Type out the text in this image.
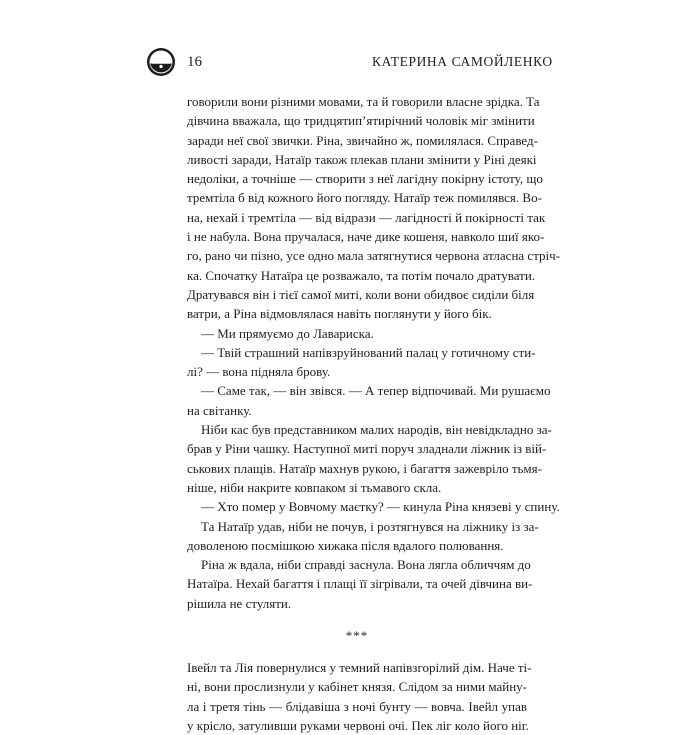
16	КАТЕРИНА САМОЙЛЕНКО
говорили вони різними мовами, та й говорили власне зрідка. Та
дівчина вважала, що тридцятип’ятирічний чоловік міг змінити
заради неї свої звички. Ріна, звичайно ж, помилялася. Справед-
ливості заради, Натаїр також плекав плани змінити у Ріні деякі
недоліки, а точніше — створити з неї лагідну покірну істоту, що
тремтіла б від кожного його погляду. Натаїр теж помилявся. Во-
на, нехай і тремтіла — від відрази — лагідності й покірності так
і не набула. Вона пручалася, наче дике кошеня, навколо шиї яко-
го, рано чи пізно, усе одно мала затягнутися червона атласна стріч-
ка. Спочатку Натаїра це розважало, та потім почало дратувати.
Дратувався він і тієї самої миті, коли вони обидвоє сиділи біля
ватри, а Ріна відмовлялася навіть поглянути у його бік.
— Ми прямуємо до Лавариска.
— Твій страшний напівзруйнований палац у готичному сти-
лі? — вона підняла брову.
— Саме так, — він звівся. — А тепер відпочивай. Ми рушаємо
на світанку.
Ніби кас був представником малих народів, він невідкладно за-
брав у Ріни чашку. Наступної миті поруч зладнали ліжник із вій-
ськових плащів. Натаїр махнув рукою, і багаття зажевріло тьмя-
ніше, ніби накрите ковпаком зі тьмавого скла.
— Хто помер у Вовчому маєтку? — кинула Ріна князеві у спину.
Та Натаїр удав, ніби не почув, і розтягнувся на ліжнику із за-
доволеною посмішкою хижака після вдалого полювання.
Ріна ж вдала, ніби справді заснула. Вона лягла обличчям до
Натаїра. Нехай багаття і плащі її зігрівали, та очей дівчина ви-
рішила не стуляти.
***
Івейл та Лія повернулися у темний напівзгорілий дім. Наче ті-
ні, вони прослизнули у кабінет князя. Слідом за ними майну-
ла і третя тінь — блідавіша з ночі бунту — вовча. Івейл упав
у крісло, затуливши руками червоні очі. Пек ліг коло його ніг.
